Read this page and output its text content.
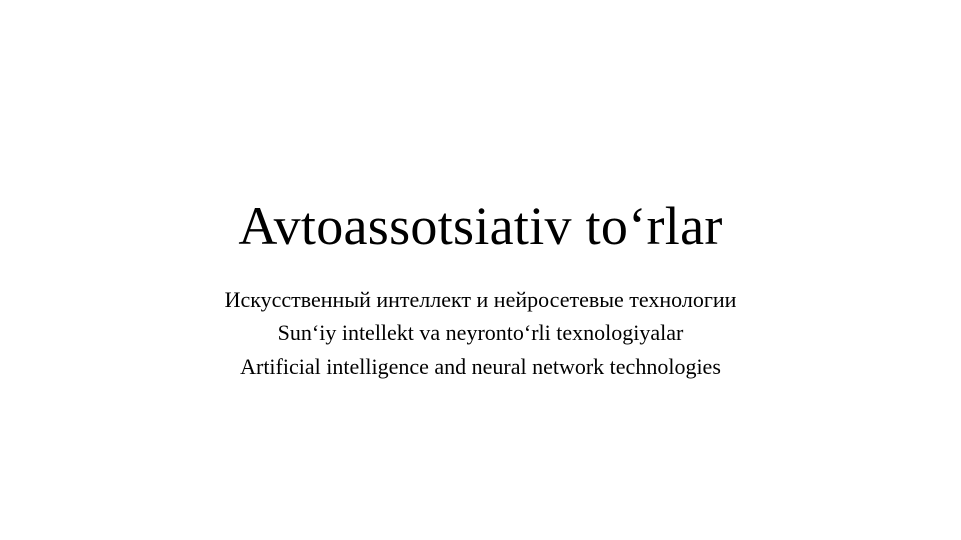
Avtoassotsiativ to‘rlar

Искусственный интеллект и нейросетевые технологии

Sun‘iy intellekt va neyronto‘rli texnologiyalar

Artificial intelligence and neural network technologies
